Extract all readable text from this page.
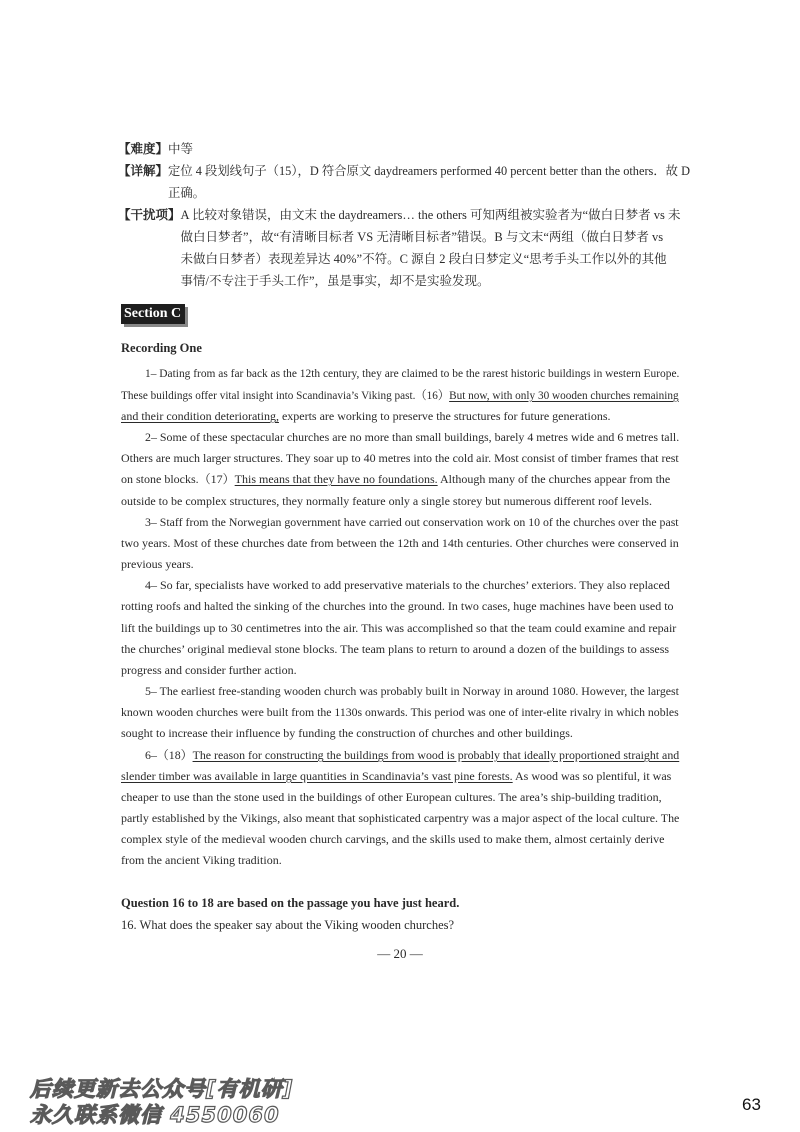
【难度】 中等
【详解】 定位 4 段划线句子（15），D 符合原文 daydreamers performed 40 percent better than the others．故 D
正确。
【干扰项】 A 比较对象错误，由文末 the daydreamers… the others 可知两组被实验者为“做白日梦者 vs 未
做白日梦者”，故“有清晰目标者 VS 无清晰目标者”错误。B 与文末“两组（做白日梦者 vs
未做白日梦者）表现差异达 40%”不符。C 源自 2 段白日梦定义“思考手头工作以外的其他
事情/不专注于手头工作”，虽是事实，却不是实验发现。
Section C
Recording One
1– Dating from as far back as the 12th century, they are claimed to be the rarest historic buildings in western Europe.
These buildings offer vital insight into Scandinavia’s Viking past.（16）But now, with only 30 wooden churches remaining
and their condition deteriorating, experts are working to preserve the structures for future generations.
2– Some of these spectacular churches are no more than small buildings, barely 4 metres wide and 6 metres tall.
Others are much larger structures. They soar up to 40 metres into the cold air. Most consist of timber frames that rest
on stone blocks.（17）This means that they have no foundations. Although many of the churches appear from the
outside to be complex structures, they normally feature only a single storey but numerous different roof levels.
3– Staff from the Norwegian government have carried out conservation work on 10 of the churches over the past
two years. Most of these churches date from between the 12th and 14th centuries. Other churches were conserved in
previous years.
4– So far, specialists have worked to add preservative materials to the churches’ exteriors. They also replaced
rotting roofs and halted the sinking of the churches into the ground. In two cases, huge machines have been used to
lift the buildings up to 30 centimetres into the air. This was accomplished so that the team could examine and repair
the churches’ original medieval stone blocks. The team plans to return to around a dozen of the buildings to assess
progress and consider further action.
5– The earliest free-standing wooden church was probably built in Norway in around 1080. However, the largest
known wooden churches were built from the 1130s onwards. This period was one of inter-elite rivalry in which nobles
sought to increase their influence by funding the construction of churches and other buildings.
6–（18）The reason for constructing the buildings from wood is probably that ideally proportioned straight and
slender timber was available in large quantities in Scandinavia’s vast pine forests. As wood was so plentiful, it was
cheaper to use than the stone used in the buildings of other European cultures. The area’s ship-building tradition,
partly established by the Vikings, also meant that sophisticated carpentry was a major aspect of the local culture. The
complex style of the medieval wooden church carvings, and the skills used to make them, almost certainly derive
from the ancient Viking tradition.
Question 16 to 18 are based on the passage you have just heard.
16. What does the speaker say about the Viking wooden churches?
— 20 —
后续更新去公众号[有机研]
永久联系微信 4550060	63
